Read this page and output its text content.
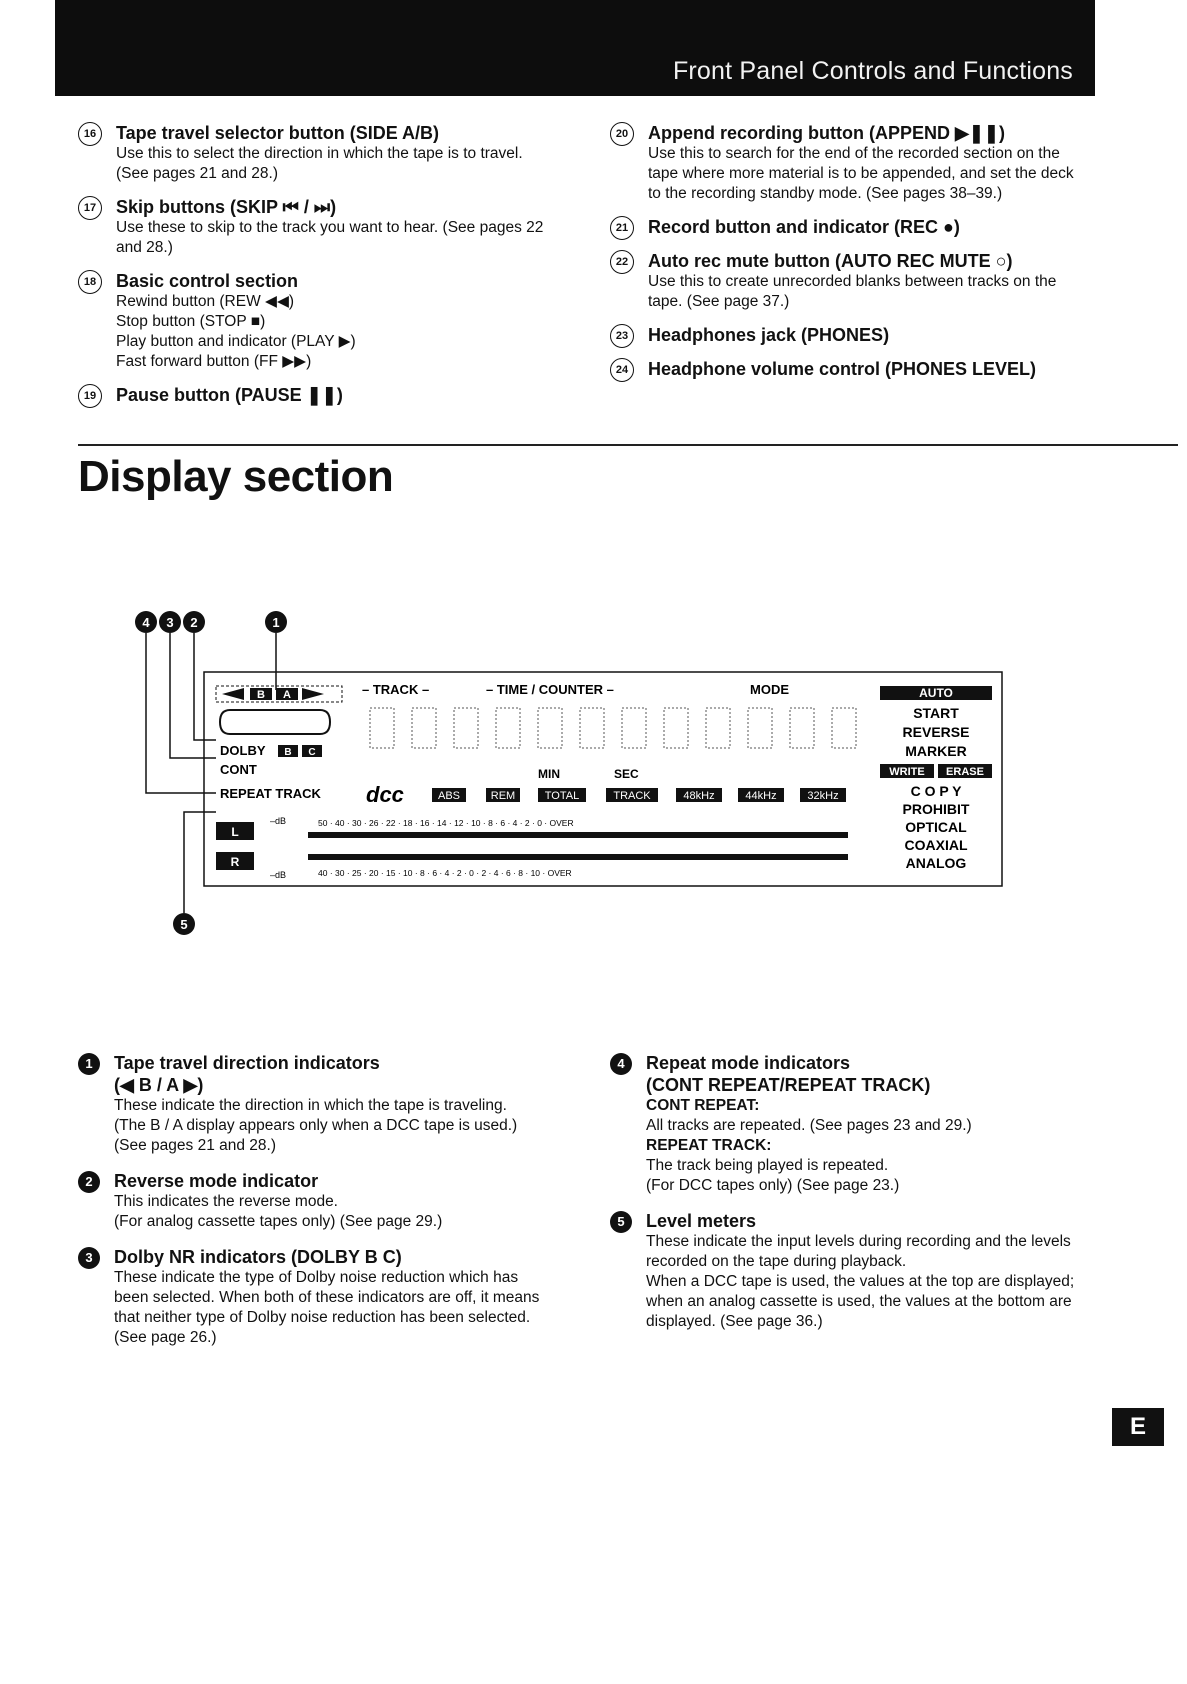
Front Panel Controls and Functions
16	Tape travel selector button (SIDE A/B)
Use this to select the direction in which the tape is to travel. (See pages 21 and 28.)
17	Skip buttons (SKIP ⏮ / ⏭)
Use these to skip to the track you want to hear. (See pages 22 and 28.)
18	Basic control section
Rewind button (REW ◀◀)
Stop button (STOP ■)
Play button and indicator (PLAY ▶)
Fast forward button (FF ▶▶)
19	Pause button (PAUSE ❚❚)
20	Append recording button (APPEND ▶❚❚)
Use this to search for the end of the recorded section on the tape where more material is to be appended, and set the deck to the recording standby mode. (See pages 38–39.)
21	Record button and indicator (REC ●)
22	Auto rec mute button (AUTO REC MUTE ○)
Use this to create unrecorded blanks between tracks on the tape. (See page 37.)
23	Headphones jack (PHONES)
24	Headphone volume control (PHONES LEVEL)
Display section
4 3 2	1
5
B A
DOLBY B C
CONT
REPEAT TRACK
– TRACK –	– TIME / COUNTER –	MODE
MIN	SEC
dcc	ABS	REM	TOTAL	TRACK	48kHz	44kHz	32kHz
L
R
–dB
–dB
50 · 40 · 30 · 26 · 22 · 18 · 16 · 14 · 12 · 10 · 8 · 6 · 4 · 2 · 0 · OVER
40 · 30 · 25 · 20 · 15 · 10 · 8 · 6 · 4 · 2 · 0 · 2 · 4 · 6 · 8 · 10 · OVER
AUTO
START
REVERSE
MARKER
WRITE ERASE
C O P Y
PROHIBIT
OPTICAL
COAXIAL
ANALOG
1	Tape travel direction indicators
(◀ B / A ▶)
These indicate the direction in which the tape is traveling.
(The B / A display appears only when a DCC tape is used.) (See pages 21 and 28.)
2	Reverse mode indicator
This indicates the reverse mode.
(For analog cassette tapes only) (See page 29.)
3	Dolby NR indicators (DOLBY B C)
These indicate the type of Dolby noise reduction which has been selected. When both of these indicators are off, it means that neither type of Dolby noise reduction has been selected. (See page 26.)
4	Repeat mode indicators
(CONT REPEAT/REPEAT TRACK)
CONT REPEAT:
All tracks are repeated. (See pages 23 and 29.)
REPEAT TRACK:
The track being played is repeated.
(For DCC tapes only) (See page 23.)
5	Level meters
These indicate the input levels during recording and the levels recorded on the tape during playback.
When a DCC tape is used, the values at the top are displayed; when an analog cassette is used, the values at the bottom are displayed. (See page 36.)
E
